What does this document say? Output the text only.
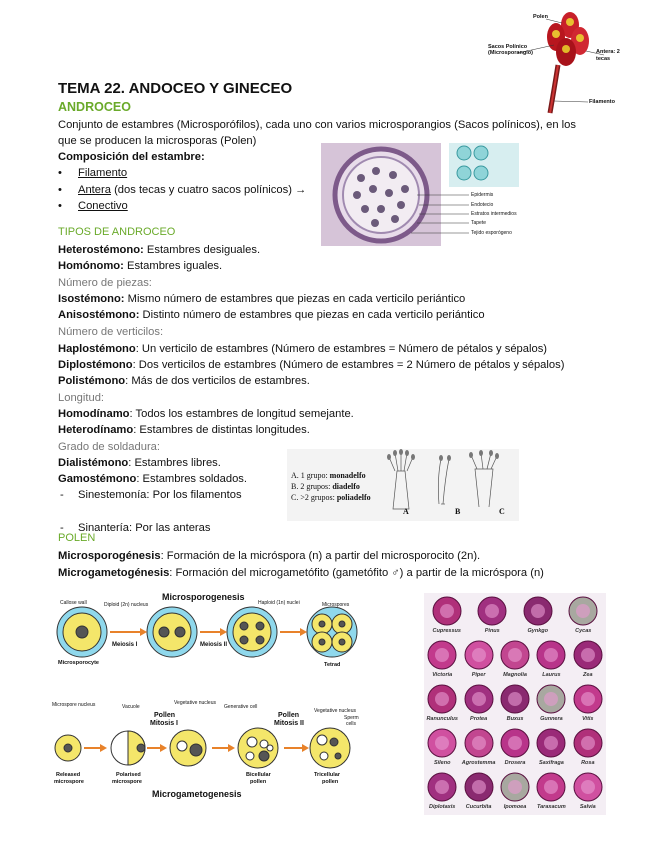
Polen
Sacos Polínico
(Microsporangio)	Antera: 2
tecas
Filamento
TEMA 22. ANDOCEO Y GINECEO
ANDROCEO
Conjunto de estambres (Microsporófilos), cada uno con varios microsporangios (Sacos polínicos), en los
que se producen la microsporas (Polen)
Composición del estambre:
• Filamento
• Antera (dos tecas y cuatro sacos polínicos) →
• Conectivo
Epidermis
Endotecio
Estratos intermedios
Tapete
Tejido esporógeno
TIPOS DE ANDROCEO
Heterostémono: Estambres desiguales.
Homónomo: Estambres iguales.
Número de piezas:
Isostémono: Mismo número de estambres que piezas en cada verticilo periántico
Anisostémono: Distinto número de estambres que piezas en cada verticilo periántico
Número de verticilos:
Haplostémono: Un verticilo de estambres (Número de estambres = Número de pétalos y sépalos)
Diplostémono: Dos verticilos de estambres (Número de estambres = 2 Número de pétalos y sépalos)
Polistémono: Más de dos verticilos de estambres.
Longitud:
Homodínamo: Todos los estambres de longitud semejante.
Heterodínamo: Estambres de distintas longitudes.
Grado de soldadura:
Dialistémono: Estambres libres.
Gamostémono: Estambres soldados.
- Sinestemonía: Por los filamentos
- Sinantería: Por las anteras
A. 1 grupo: monadelfo
B. 2 grupos: diadelfo
C. >2 grupos: poliadelfo
A	B	C
POLEN
Microsporogénesis: Formación de la micróspora (n) a partir del microsporocito (2n).
Microgametogénesis: Formación del microgametófito (gametófito ♂) a partir de la micróspora (n)
Microsporogenesis
Callose wall	Diploid (2n) nucleus	Haploid (1n) nuclei	Microspores
Meiosis I	Meiosis II
Microsporocyte	Tetrad
Microspore nucleus	Vacuole
Vegetative nucleus
Generative cell
Vegetative nucleus
Sperm
cells
Pollen
Mitosis I
Pollen
Mitosis II
Released
microspore
Polarised
microspore
Bicellular
pollen
Tricellular
pollen
Microgametogenesis
Cupressus	Pinus	Gynkgo	Cycas
Victoria	Piper	Magnolia	Laurus	Zea
Ranunculus	Protea	Buxus	Gunnera	Vitis
Sileno	Agrostemma	Drosera	Saxifraga	Rosa
Diplotaxis	Cucurbita	Ipomoea	Taraxacum	Salvia
